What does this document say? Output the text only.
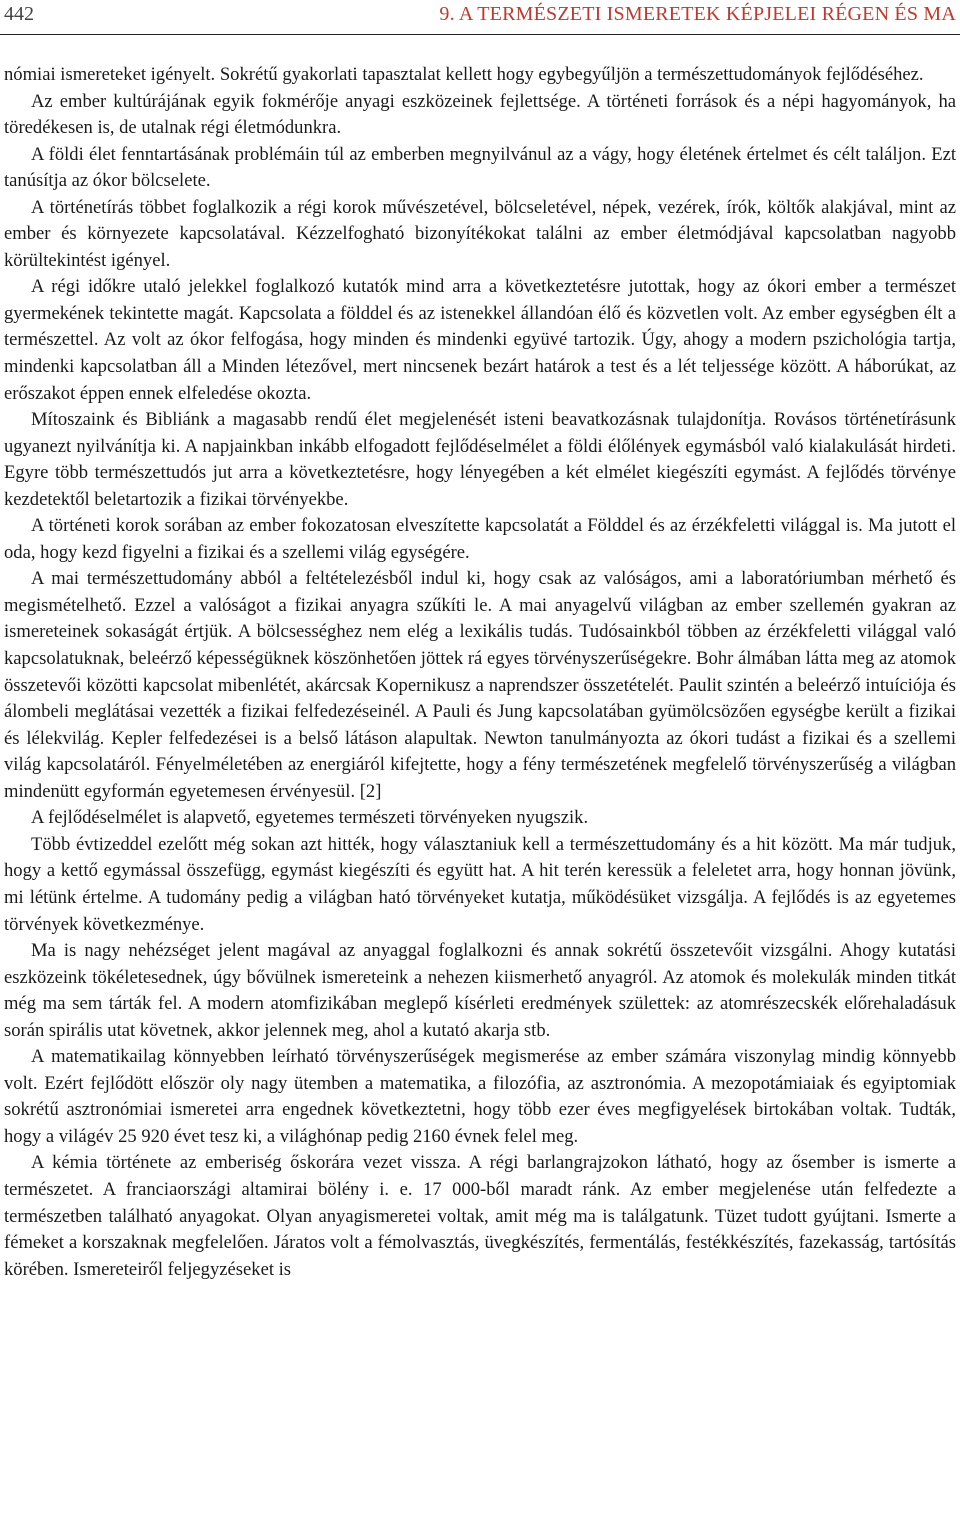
442	9. A TERMÉSZETI ISMERETEK KÉPJELEI RÉGEN ÉS MA

nómiai ismereteket igényelt. Sokrétű gyakorlati tapasztalat kellett hogy egybegyűljön a természettudományok fejlődéséhez.

Az ember kultúrájának egyik fokmérője anyagi eszközeinek fejlettsége. A történeti források és a népi hagyományok, ha töredékesen is, de utalnak régi életmódunkra.

A földi élet fenntartásának problémáin túl az emberben megnyilvánul az a vágy, hogy életének értelmet és célt találjon. Ezt tanúsítja az ókor bölcselete.

A történetírás többet foglalkozik a régi korok művészetével, bölcseletével, népek, vezérek, írók, költők alakjával, mint az ember és környezete kapcsolatával. Kézzelfogható bizonyítékokat találni az ember életmódjával kapcsolatban nagyobb körültekintést igényel.

A régi időkre utaló jelekkel foglalkozó kutatók mind arra a következtetésre jutottak, hogy az ókori ember a természet gyermekének tekintette magát. Kapcsolata a földdel és az istenekkel állandóan élő és közvetlen volt. Az ember egységben élt a természettel. Az volt az ókor felfogása, hogy minden és mindenki együvé tartozik. Úgy, ahogy a modern pszichológia tartja, mindenki kapcsolatban áll a Minden létezővel, mert nincsenek bezárt határok a test és a lét teljessége között. A háborúkat, az erőszakot éppen ennek elfeledése okozta.

Mítoszaink és Bibliánk a magasabb rendű élet megjelenését isteni beavatkozásnak tulajdonítja. Rovásos történetírásunk ugyanezt nyilvánítja ki. A napjainkban inkább elfogadott fejlődéselmélet a földi élőlények egymásból való kialakulását hirdeti. Egyre több természettudós jut arra a következtetésre, hogy lényegében a két elmélet kiegészíti egymást. A fejlődés törvénye kezdetektől beletartozik a fizikai törvényekbe.

A történeti korok sorában az ember fokozatosan elveszítette kapcsolatát a Földdel és az érzékfeletti világgal is. Ma jutott el oda, hogy kezd figyelni a fizikai és a szellemi világ egységére.

A mai természettudomány abból a feltételezésből indul ki, hogy csak az valóságos, ami a laboratóriumban mérhető és megismételhető. Ezzel a valóságot a fizikai anyagra szűkíti le. A mai anyagelvű világban az ember szellemén gyakran az ismereteinek sokaságát értjük. A bölcsességhez nem elég a lexikális tudás. Tudósainkból többen az érzékfeletti világgal való kapcsolatuknak, beleérző képességüknek köszönhetően jöttek rá egyes törvényszerűségekre. Bohr álmában látta meg az atomok összetevői közötti kapcsolat mibenlétét, akárcsak Kopernikusz a naprendszer összetételét. Paulit szintén a beleérző intuíciója és álombeli meglátásai vezették a fizikai felfedezéseinél. A Pauli és Jung kapcsolatában gyümölcsözően egységbe került a fizikai és lélekvilág. Kepler felfedezései is a belső látáson alapultak. Newton tanulmányozta az ókori tudást a fizikai és a szellemi világ kapcsolatáról. Fényelméletében az energiáról kifejtette, hogy a fény természetének megfelelő törvényszerűség a világban mindenütt egyformán egyetemesen érvényesül. [2]

A fejlődéselmélet is alapvető, egyetemes természeti törvényeken nyugszik.

Több évtizeddel ezelőtt még sokan azt hitték, hogy választaniuk kell a természettudomány és a hit között. Ma már tudjuk, hogy a kettő egymással összefügg, egymást kiegészíti és együtt hat. A hit terén keressük a feleletet arra, hogy honnan jövünk, mi létünk értelme. A tudomány pedig a világban ható törvényeket kutatja, működésüket vizsgálja. A fejlődés is az egyetemes törvények következménye.

Ma is nagy nehézséget jelent magával az anyaggal foglalkozni és annak sokrétű összetevőit vizsgálni. Ahogy kutatási eszközeink tökéletesednek, úgy bővülnek ismereteink a nehezen kiismerhető anyagról. Az atomok és molekulák minden titkát még ma sem tárták fel. A modern atomfizikában meglepő kísérleti eredmények születtek: az atomrészecskék előrehaladásuk során spirális utat követnek, akkor jelennek meg, ahol a kutató akarja stb.

A matematikailag könnyebben leírható törvényszerűségek megismerése az ember számára viszonylag mindig könnyebb volt. Ezért fejlődött először oly nagy ütemben a matematika, a filozófia, az asztronómia. A mezopotámiaiak és egyiptomiak sokrétű asztronómiai ismeretei arra engednek következtetni, hogy több ezer éves megfigyelések birtokában voltak. Tudták, hogy a világév 25 920 évet tesz ki, a világhónap pedig 2160 évnek felel meg.

A kémia története az emberiség őskorára vezet vissza. A régi barlangrajzokon látható, hogy az ősember is ismerte a természetet. A franciaországi altamirai bölény i. e. 17 000-ből maradt ránk. Az ember megjelenése után felfedezte a természetben található anyagokat. Olyan anyagismeretei voltak, amit még ma is találgatunk. Tüzet tudott gyújtani. Ismerte a fémeket a korszaknak megfelelően. Járatos volt a fémolvasztás, üvegkészítés, fermentálás, festékkészítés, fazekasság, tartósítás körében. Ismereteiről feljegyzéseket is
